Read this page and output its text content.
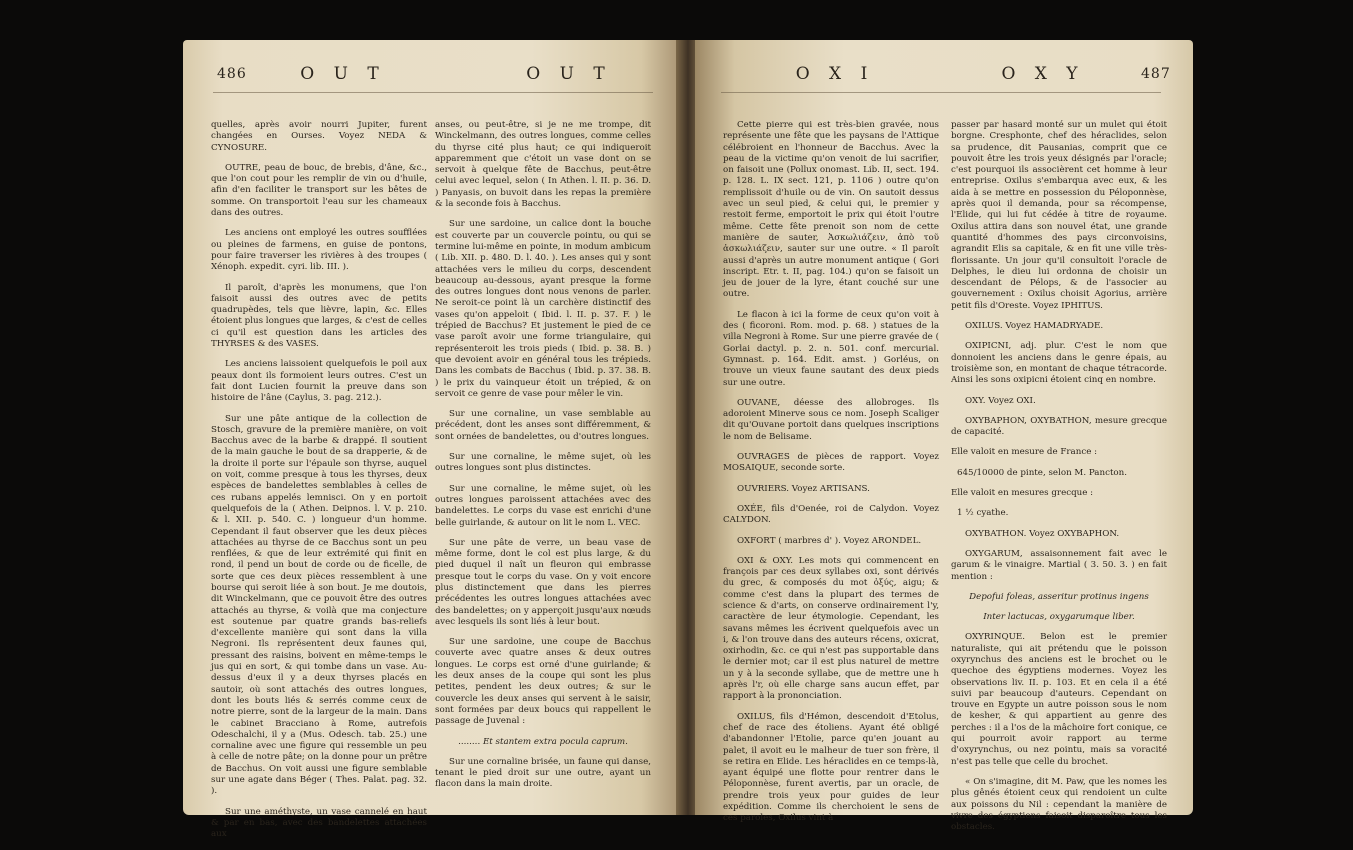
486	O U T	O U T

quelles, après avoir nourri Jupiter, furent changées en Ourses. Voyez NEDA & CYNOSURE.

OUTRE, peau de bouc, de brebis, d'âne, &c., que l'on cout pour les remplir de vin ou d'huile, afin d'en faciliter le transport sur les bêtes de somme. On transportoit l'eau sur les chameaux dans des outres.

Les anciens ont employé les outres soufflées ou pleines de farmens, en guise de pontons, pour faire traverser les rivières à des troupes ( Xénoph. expedit. cyri. lib. III. ).

Il paroît, d'après les monumens, que l'on faisoit aussi des outres avec de petits quadrupèdes, tels que lièvre, lapin, &c. Elles étoient plus longues que larges, & c'est de celles ci qu'il est question dans les articles des THYRSES & des VASES.

Les anciens laissoient quelquefois le poil aux peaux dont ils formoient leurs outres. C'est un fait dont Lucien fournit la preuve dans son histoire de l'âne (Caylus, 3. pag. 212.).

Sur une pâte antique de la collection de Stosch, gravure de la première manière, on voit Bacchus avec de la barbe & drappé. Il soutient de la main gauche le bout de sa drapperie, & de la droite il porte sur l'épaule son thyrse, auquel on voit, comme presque à tous les thyrses, deux espèces de bandelettes semblables à celles de ces rubans appelés lemnisci. On y en portoit quelquefois de la ( Athen. Deipnos. l. V. p. 210. & l. XII. p. 540. C. ) longueur d'un homme. Cependant il faut observer que les deux pièces attachées au thyrse de ce Bacchus sont un peu renflées, & que de leur extrémité qui finit en rond, il pend un bout de corde ou de ficelle, de sorte que ces deux pièces ressemblent à une bourse qui seroit liée à son bout. Je me doutois, dit Winckelmann, que ce pouvoit être des outres attachés au thyrse, & voilà que ma conjecture est soutenue par quatre grands bas-reliefs d'excellente manière qui sont dans la villa Negroni. Ils représentent deux faunes qui, pressant des raisins, boivent en même-temps le jus qui en sort, & qui tombe dans un vase. Au-dessus d'eux il y a deux thyrses placés en sautoir, où sont attachés des outres longues, dont les bouts liés & serrés comme ceux de notre pierre, sont de la largeur de la main. Dans le cabinet Bracciano à Rome, autrefois Odeschalchi, il y a (Mus. Odesch. tab. 25.) une cornaline avec une figure qui ressemble un peu à celle de notre pâte; on la donne pour un prêtre de Bacchus. On voit aussi une figure semblable sur une agate dans Béger ( Thes. Palat. pag. 32. ).

Sur une améthyste, un vase cannelé en haut & par en bas, avec des bandelettes attachées aux

anses, ou peut-être, si je ne me trompe, dit Winckelmann, des outres longues, comme celles du thyrse cité plus haut; ce qui indiqueroit apparemment que c'étoit un vase dont on se servoit à quelque fête de Bacchus, peut-être celui avec lequel, selon ( In Athen. l. II. p. 36. D. ) Panyasis, on buvoit dans les repas la première & la seconde fois à Bacchus.

Sur une sardoine, un calice dont la bouche est couverte par un couvercle pointu, ou qui se termine lui-même en pointe, in modum ambicum ( Lib. XII. p. 480. D. l. 40. ). Les anses qui y sont attachées vers le milieu du corps, descendent beaucoup au-dessous, ayant presque la forme des outres longues dont nous venons de parler. Ne seroit-ce point là un carchère distinctif des vases qu'on appeloit ( Ibid. l. II. p. 37. F. ) le trépied de Bacchus? Et justement le pied de ce vase paroît avoir une forme triangulaire, qui représenteroit les trois pieds ( Ibid. p. 38. B. ) que devoient avoir en général tous les trépieds. Dans les combats de Bacchus ( Ibid. p. 37. 38. B. ) le prix du vainqueur étoit un trépied, & on servoit ce genre de vase pour mêler le vin.

Sur une cornaline, un vase semblable au précédent, dont les anses sont différemment, & sont ornées de bandelettes, ou d'outres longues.

Sur une cornaline, le même sujet, où les outres longues sont plus distinctes.

Sur une cornaline, le même sujet, où les outres longues paroissent attachées avec des bandelettes. Le corps du vase est enrichi d'une belle guirlande, & autour on lit le nom L. VEC.

Sur une pâte de verre, un beau vase de même forme, dont le col est plus large, & du pied duquel il naît un fleuron qui embrasse presque tout le corps du vase. On y voit encore plus distinctement que dans les pierres précédentes les outres longues attachées avec des bandelettes; on y apperçoit jusqu'aux nœuds avec lesquels ils sont liés à leur bout.

Sur une sardoine, une coupe de Bacchus couverte avec quatre anses & deux outres longues. Le corps est orné d'une guirlande; & les deux anses de la coupe qui sont les plus petites, pendent les deux outres; & sur le couvercle les deux anses qui servent à le saisir, sont formées par deux boucs qui rappellent le passage de Juvenal :

........ Et stantem extra pocula caprum.

Sur une cornaline brisée, un faune qui danse, tenant le pied droit sur une outre, ayant un flacon dans la main droite.

O X I	O X Y	487

Cette pierre qui est très-bien gravée, nous représente une fête que les paysans de l'Attique célébroient en l'honneur de Bacchus. Avec la peau de la victime qu'on venoit de lui sacrifier, on faisoit une (Pollux onomast. Lib. II, sect. 194. p. 128. L. IX sect. 121, p. 1106 ) outre qu'on remplissoit d'huile ou de vin. On sautoit dessus avec un seul pied, & celui qui, le premier y restoit ferme, emportoit le prix qui étoit l'outre même. Cette fête prenoit son nom de cette manière de sauter, Ἀσκωλιάζειν, ἀπὸ τοῦ ἀσκωλιάζειν, sauter sur une outre. « Il paroît aussi d'après un autre monument antique ( Gori inscript. Etr. t. II, pag. 104.) qu'on se faisoit un jeu de jouer de la lyre, étant couché sur une outre.

Le flacon à ici la forme de ceux qu'on voit à des ( ficoroni. Rom. mod. p. 68. ) statues de la villa Negroni à Rome. Sur une pierre gravée de ( Gorlai dactyl. p. 2. n. 501. conf. mercurial. Gymnast. p. 164. Edit. amst. ) Gorléus, on trouve un vieux faune sautant des deux pieds sur une outre.

OUVANE, déesse des allobroges. Ils adoroient Minerve sous ce nom. Joseph Scaliger dit qu'Ouvane portoit dans quelques inscriptions le nom de Belisame.

OUVRAGES de pièces de rapport. Voyez MOSAIQUE, seconde sorte.

OUVRIERS. Voyez ARTISANS.

OXÉE, fils d'Oenée, roi de Calydon. Voyez CALYDON.

OXFORT ( marbres d' ). Voyez ARONDEL.

OXI & OXY. Les mots qui commencent en françois par ces deux syllabes oxi, sont dérivés du grec, & composés du mot ὀξύς, aigu; & comme c'est dans la plupart des termes de science & d'arts, on conserve ordinairement l'y, caractère de leur étymologie. Cependant, les savans mêmes les écrivent quelquefois avec un i, & l'on trouve dans des auteurs récens, oxicrat, oxirhodin, &c. ce qui n'est pas supportable dans le dernier mot; car il est plus naturel de mettre un y à la seconde syllabe, que de mettre une h après l'r, où elle charge sans aucun effet, par rapport à la prononciation.

OXILUS, fils d'Hémon, descendoit d'Etolus, chef de race des étoliens. Ayant été obligé d'abandonner l'Etolie, parce qu'en jouant au palet, il avoit eu le malheur de tuer son frère, il se retira en Elide. Les héraclides en ce temps-là, ayant équipé une flotte pour rentrer dans le Péloponnèse, furent avertis, par un oracle, de prendre trois yeux pour guides de leur expédition. Comme ils cherchoient le sens de ces paroles, Oxilus vint à

passer par hasard monté sur un mulet qui étoit borgne. Cresphonte, chef des héraclides, selon sa prudence, dit Pausanias, comprit que ce pouvoit être les trois yeux désignés par l'oracle; c'est pourquoi ils associèrent cet homme à leur entreprise. Oxilus s'embarqua avec eux, & les aida à se mettre en possession du Péloponnèse, après quoi il demanda, pour sa récompense, l'Elide, qui lui fut cédée à titre de royaume. Oxilus attira dans son nouvel état, une grande quantité d'hommes des pays circonvoisins, agrandit Elis sa capitale, & en fit une ville très-florissante. Un jour qu'il consultoit l'oracle de Delphes, le dieu lui ordonna de choisir un descendant de Pélops, & de l'associer au gouvernement : Oxilus choisit Agorius, arrière petit fils d'Oreste. Voyez IPHITUS.

OXILUS. Voyez HAMADRYADE.

OXIPICNI, adj. plur. C'est le nom que donnoient les anciens dans le genre épais, au troisième son, en montant de chaque tétracorde. Ainsi les sons oxipicni étoient cinq en nombre.

OXY. Voyez OXI.

OXYBAPHON, OXYBATHON, mesure grecque de capacité.

Elle valoit en mesure de France :

645/10000 de pinte, selon M. Pancton.

Elle valoit en mesures grecque :

1 ½ cyathe.

OXYBATHON. Voyez OXYBAPHON.

OXYGARUM, assaisonnement fait avec le garum & le vinaigre. Martial ( 3. 50. 3. ) en fait mention :

Depofui foleas, asseritur protinus ingens

Inter lactucas, oxygarumque liber.

OXYRINQUE. Belon est le premier naturaliste, qui ait prétendu que le poisson oxyrynchus des anciens est le brochet ou le quechoe des égyptiens modernes. Voyez les observations liv. II. p. 103. Et en cela il a été suivi par beaucoup d'auteurs. Cependant on trouve en Egypte un autre poisson sous le nom de kesher, & qui appartient au genre des perches : il a l'os de la mâchoire fort conique, ce qui pourroit avoir rapport au terme d'oxyrynchus, ou nez pointu, mais sa voracité n'est pas telle que celle du brochet.

« On s'imagine, dit M. Paw, que les nomes les plus gênés étoient ceux qui rendoient un culte aux poissons du Nil : cependant la manière de vivre des égyptiens faisoit disparoître tous les obstacles.
